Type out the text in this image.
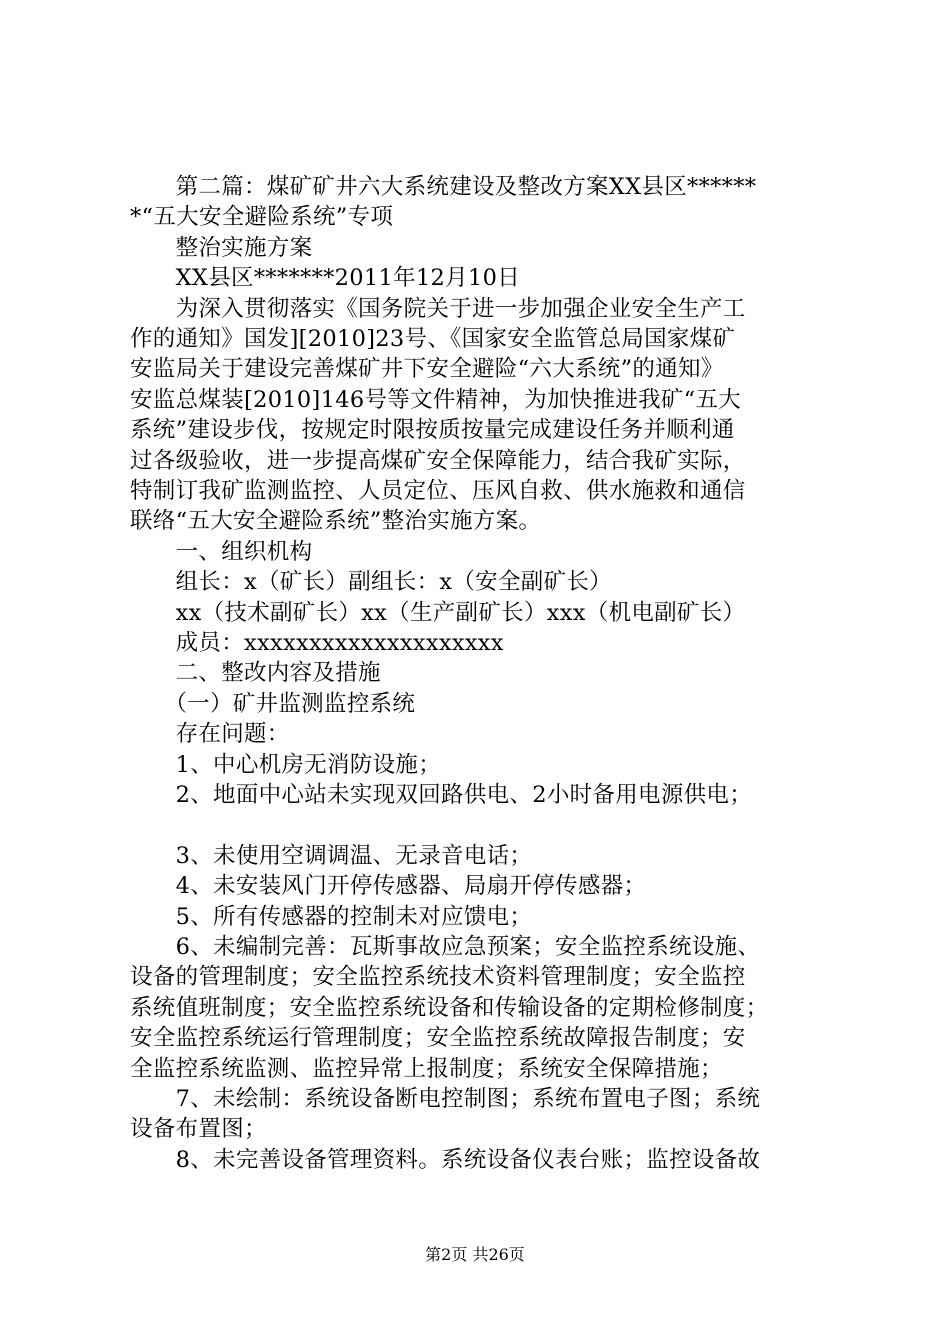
　　第二篇：煤矿矿井六大系统建设及整改方案XX县区******
*“五大安全避险系统”专项
　　整治实施方案
　　XX县区*******2011年12月10日
　　为深入贯彻落实《国务院关于进一步加强企业安全生产工
作的通知》国发][2010]23号、《国家安全监管总局国家煤矿
安监局关于建设完善煤矿井下安全避险“六大系统”的通知》
安监总煤装[2010]146号等文件精神，为加快推进我矿“五大
系统”建设步伐，按规定时限按质按量完成建设任务并顺利通
过各级验收，进一步提高煤矿安全保障能力，结合我矿实际，
特制订我矿监测监控、人员定位、压风自救、供水施救和通信
联络“五大安全避险系统”整治实施方案。
　　一、组织机构
　　组长：x（矿长）副组长：x（安全副矿长）
　　xx（技术副矿长）xx（生产副矿长）xxx（机电副矿长）
　　成员：xxxxxxxxxxxxxxxxxxxx
　　二、整改内容及措施
　　（一）矿井监测监控系统
　　存在问题：
　　1、中心机房无消防设施；
　　2、地面中心站未实现双回路供电、2小时备用电源供电；
　　3、未使用空调调温、无录音电话；
　　4、未安装风门开停传感器、局扇开停传感器；
　　5、所有传感器的控制未对应馈电；
　　6、未编制完善：瓦斯事故应急预案；安全监控系统设施、
设备的管理制度；安全监控系统技术资料管理制度；安全监控
系统值班制度；安全监控系统设备和传输设备的定期检修制度；
安全监控系统运行管理制度；安全监控系统故障报告制度；安
全监控系统监测、监控异常上报制度；系统安全保障措施；
　　7、未绘制：系统设备断电控制图；系统布置电子图；系统
设备布置图；
　　8、未完善设备管理资料。系统设备仪表台账；监控设备故
第2页 共26页
